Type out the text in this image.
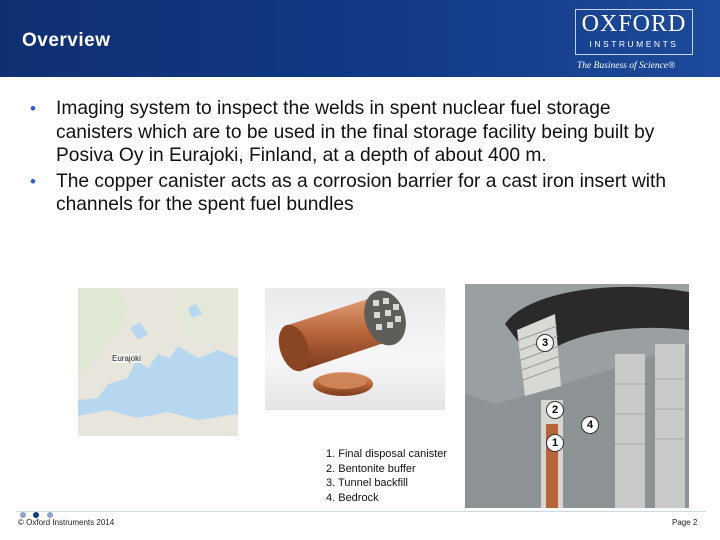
Overview
OXFORD
INSTRUMENTS
The Business of Science®
• Imaging system to inspect the welds in spent nuclear fuel storage canisters which are to be used in the final storage facility being built by Posiva Oy in Eurajoki, Finland, at a depth of about 400 m.
• The copper canister acts as a corrosion barrier for a cast iron insert with channels for the spent fuel bundles
Eurajoki
3
2
4
1
1. Final disposal canister
2. Bentonite buffer
3. Tunnel backfill
4. Bedrock

© Oxford Instruments 2014	Page 2
